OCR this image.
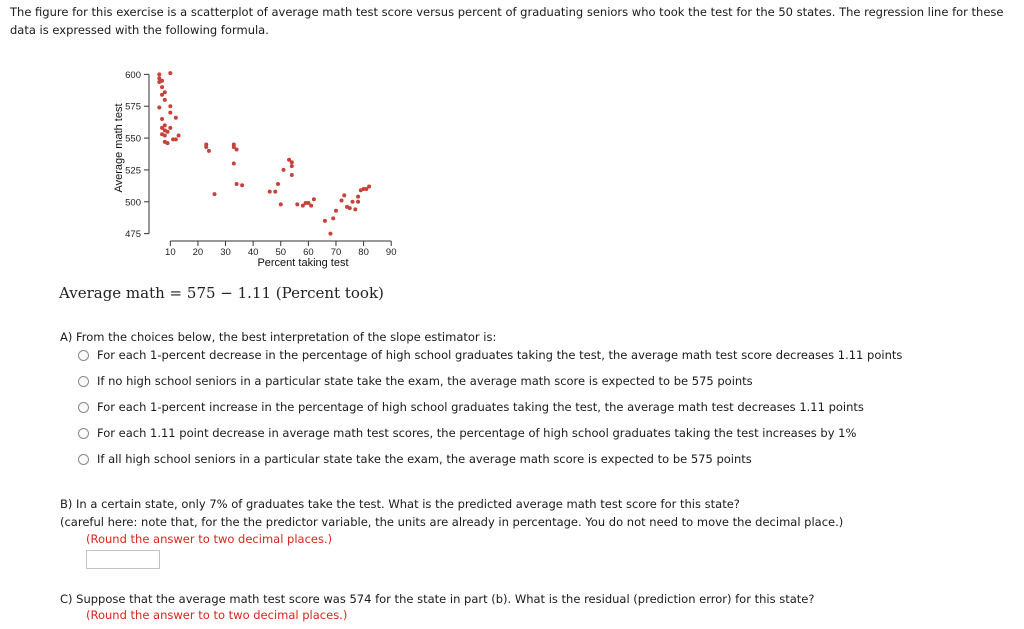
The figure for this exercise is a scatterplot of average math test score versus percent of graduating seniors who took the test for the 50 states. The regression line for these data is expressed with the following formula.
475
500
525
550
575
600
10 20 30 40 50 60 70 80 90
Average math test
Percent taking test
Average math = 575 − 1.11 (Percent took)
A) From the choices below, the best interpretation of the slope estimator is:
For each 1-percent decrease in the percentage of high school graduates taking the test, the average math test score decreases 1.11 points
If no high school seniors in a particular state take the exam, the average math score is expected to be 575 points
For each 1-percent increase in the percentage of high school graduates taking the test, the average math test decreases 1.11 points
For each 1.11 point decrease in average math test scores, the percentage of high school graduates taking the test increases by 1%
If all high school seniors in a particular state take the exam, the average math score is expected to be 575 points
B) In a certain state, only 7% of graduates take the test. What is the predicted average math test score for this state?
(careful here: note that, for the the predictor variable, the units are already in percentage. You do not need to move the decimal place.)
(Round the answer to two decimal places.)
C) Suppose that the average math test score was 574 for the state in part (b). What is the residual (prediction error) for this state?
(Round the answer to to two decimal places.)
